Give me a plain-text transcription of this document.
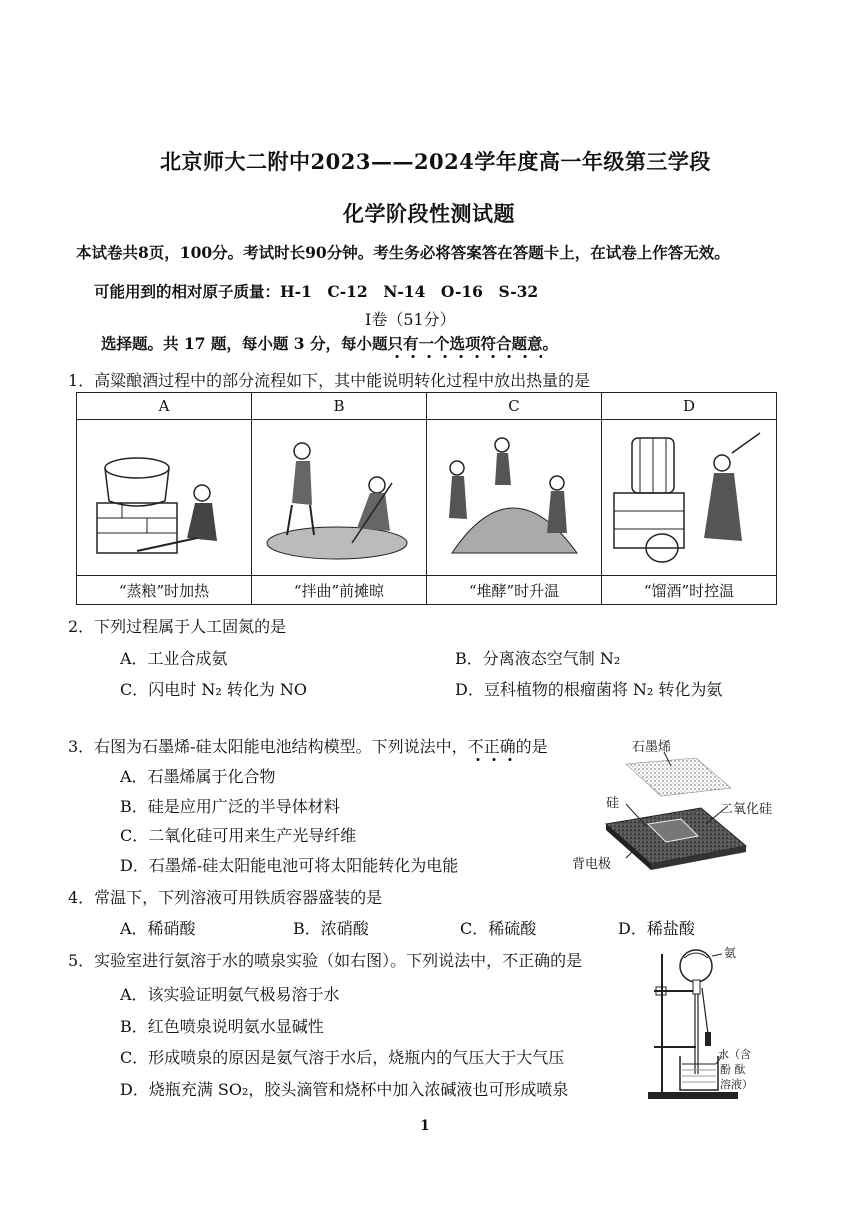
北京师大二附中2023——2024学年度高一年级第三学段
化学阶段性测试题
本试卷共8页，100分。考试时长90分钟。考生务必将答案答在答题卡上，在试卷上作答无效。
可能用到的相对原子质量：H-1　C-12　N-14　O-16　S-32
I卷（51分）
选择题。共 17 题，每小题 3 分，每小题只有一个选项符合题意。
1．高粱酿酒过程中的部分流程如下，其中能说明转化过程中放出热量的是
A	B	C	D

“蒸粮”时加热	“拌曲”前摊晾	“堆酵”时升温	“馏酒”时控温
2．下列过程属于人工固氮的是
A．工业合成氨	B．分离液态空气制 N₂
C．闪电时 N₂ 转化为 NO	D．豆科植物的根瘤菌将 N₂ 转化为氨
3．右图为石墨烯-硅太阳能电池结构模型。下列说法中，不正确的是
A．石墨烯属于化合物
B．硅是应用广泛的半导体材料
C．二氧化硅可用来生产光导纤维
D．石墨烯-硅太阳能电池可将太阳能转化为电能
石墨烯
硅	二氧化硅
背电极
4．常温下，下列溶液可用铁质容器盛装的是
A．稀硝酸	B．浓硝酸	C．稀硫酸	D．稀盐酸
5．实验室进行氨溶于水的喷泉实验（如右图）。下列说法中，不正确的是
A．该实验证明氨气极易溶于水
B．红色喷泉说明氨水显碱性
C．形成喷泉的原因是氨气溶于水后，烧瓶内的气压大于大气压
D．烧瓶充满 SO₂，胶头滴管和烧杯中加入浓碱液也可形成喷泉
氨
水（含
酚 酞
溶液）
1
